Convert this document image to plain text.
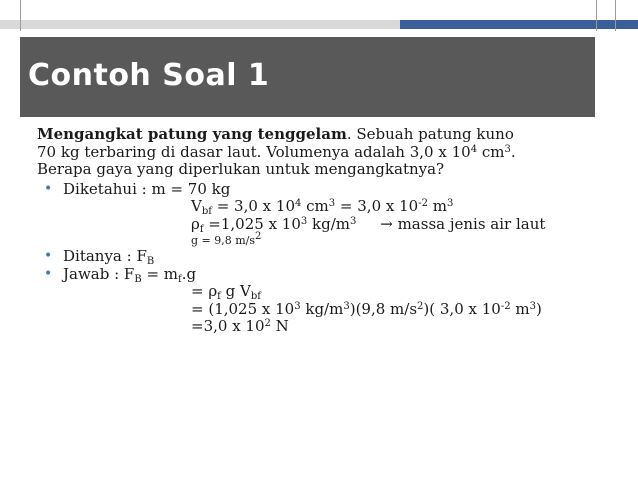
Contoh Soal 1

Mengangkat patung yang tenggelam. Sebuah patung kuno
70 kg terbaring di dasar laut. Volumenya adalah 3,0 x $10^4$ $cm^3$.
Berapa gaya yang diperlukan untuk mengangkatnya?

• Diketahui : m = 70 kg

$V_{bf} = 3,0$ x $10^4$ $cm^3 = 3,0$ x $10^{-2}$ $m^3$

$\rho_f =1,025$ x $10^3$ $kg/m^3$     → massa jenis air laut

g = 9,8 $m/s^2$

• Ditanya : $F_B$
• Jawab : $F_B = m_f.g$

= $\rho_f$ g $V_{bf}$

= (1,025 x $10^3$ $kg/m^3)(9,8$ $m/s^2$)( 3,0 x $10^{-2}$ $m^3$)

=3,0 x $10^2$ N
